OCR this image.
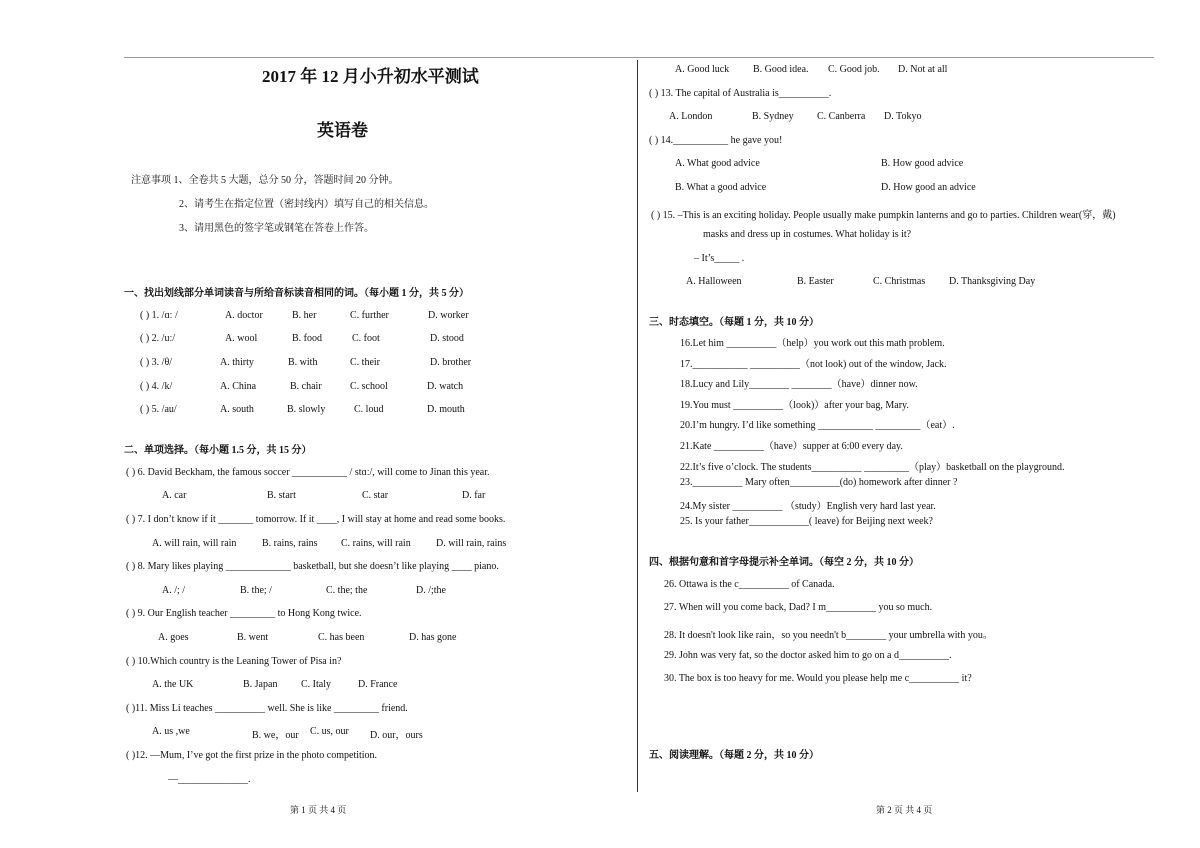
2017 年 12 月小升初水平测试
英语卷
注意事项 1、全卷共 5 大题，总分 50 分，答题时间 20 分钟。
2、请考生在指定位置（密封线内）填写自己的相关信息。
3、请用黑色的签字笔或钢笔在答卷上作答。
一、找出划线部分单词读音与所给音标读音相同的词。（每小题 1 分，共 5 分）
( ) 1. /ɑː /	A. doctor	B. her	C. further	D. worker
( ) 2. /uː/	A. wool	B. food	C. foot	D. stood
( ) 3. /θ/	A. thirty	B. with	C. their	D. brother
( ) 4. /k/	A. China	B. chair	C. school	D. watch
( ) 5. /au/	A. south	B. slowly	C. loud	D. mouth
二、单项选择。（每小题 1.5 分，共 15 分）
( ) 6. David Beckham, the famous soccer ___________ / stɑː/, will come to Jinan this year.
A. car	B. start	C. star	D. far
( ) 7. I don’t know if it _______ tomorrow. If it ____, I will stay at home and read some books.
A. will rain, will rain	B. rains, rains C. rains, will rain	D. will rain, rains
( ) 8. Mary likes playing _____________ basketball, but she doesn’t like playing ____ piano.
A. /; /	B. the; /	C. the; the	D. /;the
( ) 9. Our English teacher _________ to Hong Kong twice.
A. goes	B. went	C. has been	D. has gone
( ) 10.Which country is the Leaning Tower of Pisa in?
A. the UK	B. Japan C. Italy	D. France
( )11. Miss Li teaches __________ well. She is like _________ friend.
A. us ,we	B. we，our C. us, our D. our，ours
( )12. —Mum, I’ve got the first prize in the photo competition.
—______________.
第 1 页 共 4 页
A. Good luck B. Good idea. C. Good job. D. Not at all
( ) 13. The capital of Australia is__________.
A. London	B. Sydney C. Canberra D. Tokyo
( ) 14.___________ he gave you!
A. What good advice	B. How good advice
B. What a good advice	D. How good an advice
( ) 15. –This is an exciting holiday. People usually make pumpkin lanterns and go to parties. Children wear(穿，戴)
masks and dress up in costumes. What holiday is it?
– It’s_____ .
A. Halloween	B. Easter	C. Christmas D. Thanksgiving Day
三、时态填空。（每题 1 分，共 10 分）
16.Let him __________（help）you work out this math problem.
17.___________ __________（not look) out of the window, Jack.
18.Lucy and Lily________ ________（have）dinner now.
19.You must __________（look)）after your bag, Mary.
20.I’m hungry. I’d like something ___________ _________（eat）.
21.Kate __________（have）supper at 6:00 every day.
22.It’s five o’clock. The students__________ _________（play）basketball on the playground.
23.__________ Mary often__________(do) homework after dinner ?
24.My sister __________ （study）English very hard last year.
25. Is your father____________( leave) for Beijing next week?
四、根据句意和首字母提示补全单词。（每空 2 分，共 10 分）
26. Ottawa is the c__________ of Canada.
27. When will you come back, Dad? I m__________ you so much.
28. It doesn't look like rain，so you needn't b________ your umbrella with you。
29. John was very fat, so the doctor asked him to go on a d__________.
30. The box is too heavy for me. Would you please help me c__________ it?
五、阅读理解。（每题 2 分，共 10 分）
第 2 页 共 4 页
